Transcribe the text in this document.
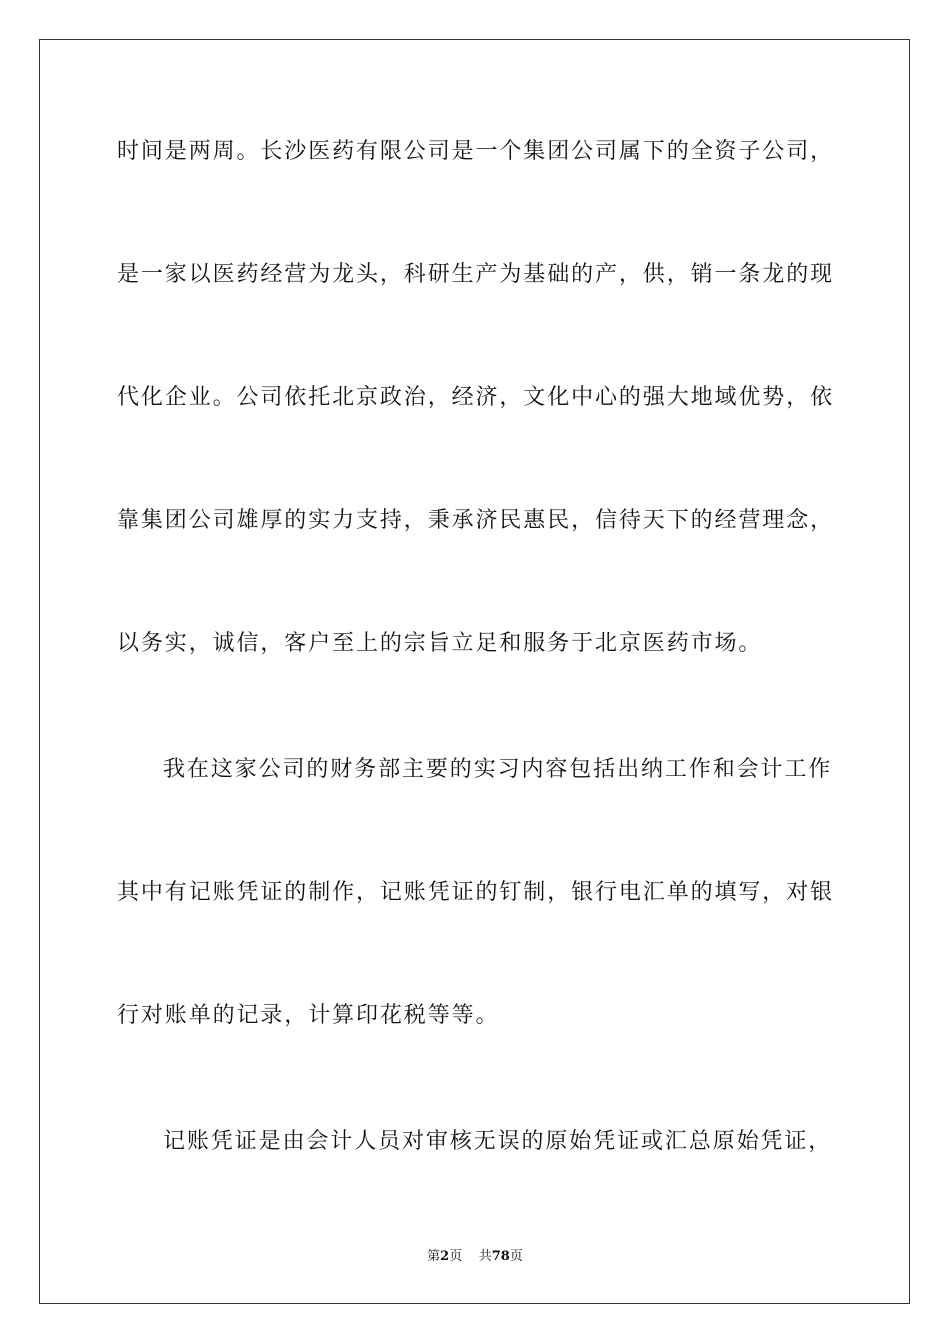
时间是两周。长沙医药有限公司是一个集团公司属下的全资子公司，
是一家以医药经营为龙头，科研生产为基础的产，供，销一条龙的现
代化企业。公司依托北京政治，经济，文化中心的强大地域优势，依
靠集团公司雄厚的实力支持，秉承济民惠民，信待天下的经营理念，
以务实，诚信，客户至上的宗旨立足和服务于北京医药市场。
我在这家公司的财务部主要的实习内容包括出纳工作和会计工作
其中有记账凭证的制作，记账凭证的钉制，银行电汇单的填写，对银
行对账单的记录，计算印花税等等。
记账凭证是由会计人员对审核无误的原始凭证或汇总原始凭证，
第2页 共78页
